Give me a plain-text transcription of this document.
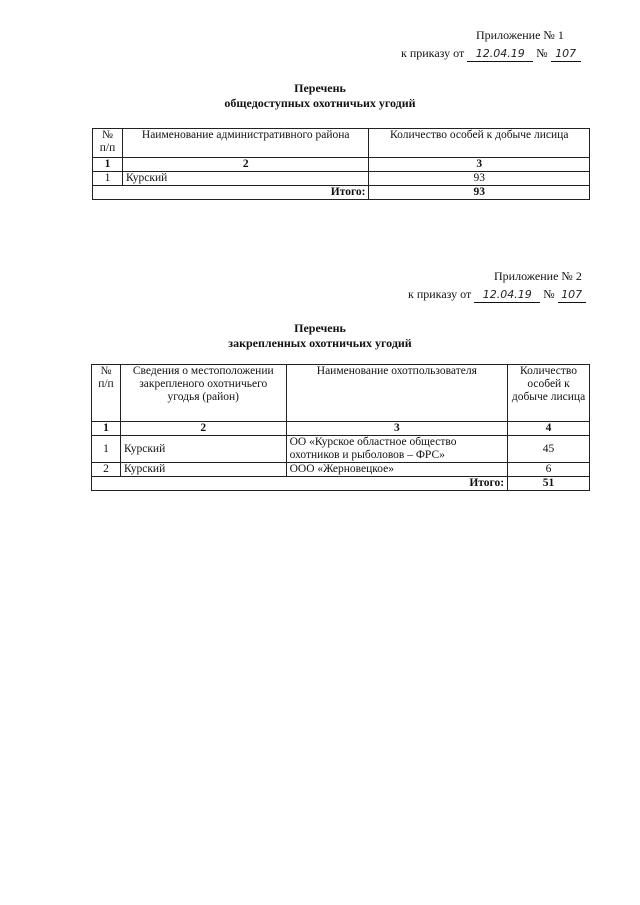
Приложение № 1
к приказу от 12.04.19 № 107
Перечень
общедоступных охотничьих угодий
№ п/п	Наименование административного района	Количество особей к добыче лисица
1	2	3
1	Курский	93
Итого:		93
Приложение № 2
к приказу от 12.04.19 № 107
Перечень
закрепленных охотничьих угодий
№ п/п	Сведения о местоположении закрепленого охотничьего угодья (район)	Наименование охотпользователя	Количество особей к добыче лисица
1	2	3	4
1	Курский	ОО «Курское областное общество охотников и рыболовов – ФРС»	45
2	Курский	ООО «Жерновецкое»	6
Итого:			51
